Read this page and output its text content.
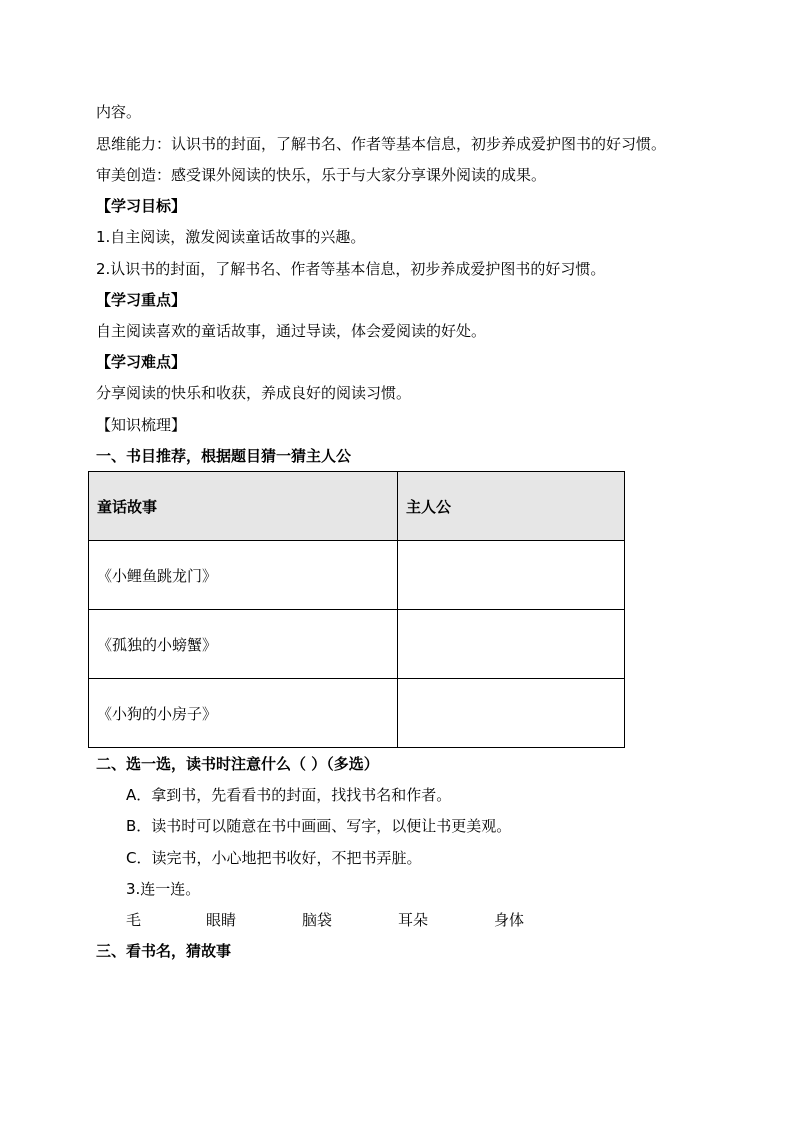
内容。
思维能力：认识书的封面，了解书名、作者等基本信息，初步养成爱护图书的好习惯。
审美创造：感受课外阅读的快乐，乐于与大家分享课外阅读的成果。
【学习目标】
1.自主阅读，激发阅读童话故事的兴趣。
2.认识书的封面，了解书名、作者等基本信息，初步养成爱护图书的好习惯。
【学习重点】
自主阅读喜欢的童话故事，通过导读，体会爱阅读的好处。
【学习难点】
分享阅读的快乐和收获，养成良好的阅读习惯。
【知识梳理】
一、书目推荐，根据题目猜一猜主人公
童话故事	主人公
《小鲤鱼跳龙门》	
《孤独的小螃蟹》	
《小狗的小房子》	
二、选一选，读书时注意什么（ ）（多选）
A．拿到书，先看看书的封面，找找书名和作者。
B．读书时可以随意在书中画画、写字，以便让书更美观。
C．读完书，小心地把书收好，不把书弄脏。
3.连一连。
毛	眼睛	脑袋	耳朵	身体
三、看书名，猜故事
